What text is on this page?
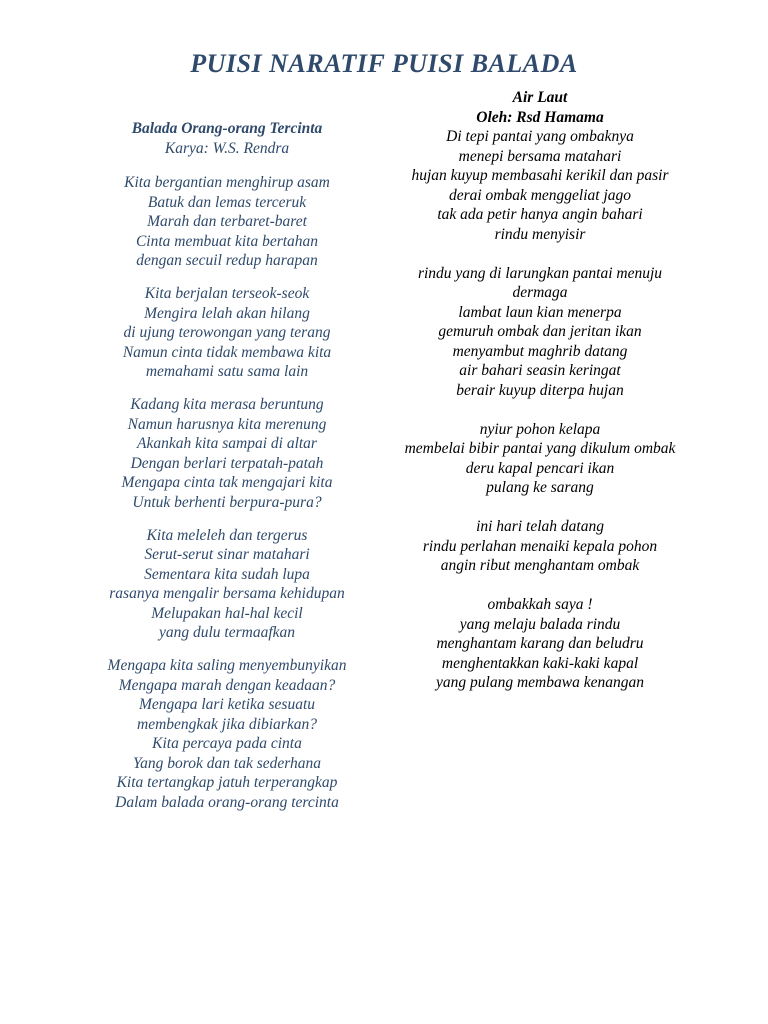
PUISI NARATIF PUISI BALADA
Balada Orang-orang Tercinta
Karya: W.S. Rendra
Kita bergantian menghirup asam
Batuk dan lemas terceruk
Marah dan terbaret-baret
Cinta membuat kita bertahan
dengan secuil redup harapan
Kita berjalan terseok-seok
Mengira lelah akan hilang
di ujung terowongan yang terang
Namun cinta tidak membawa kita
memahami satu sama lain
Kadang kita merasa beruntung
Namun harusnya kita merenung
Akankah kita sampai di altar
Dengan berlari terpatah-patah
Mengapa cinta tak mengajari kita
Untuk berhenti berpura-pura?
Kita meleleh dan tergerus
Serut-serut sinar matahari
Sementara kita sudah lupa
rasanya mengalir bersama kehidupan
Melupakan hal-hal kecil
yang dulu termaafkan
Mengapa kita saling menyembunyikan
Mengapa marah dengan keadaan?
Mengapa lari ketika sesuatu
membengkak jika dibiarkan?
Kita percaya pada cinta
Yang borok dan tak sederhana
Kita tertangkap jatuh terperangkap
Dalam balada orang-orang tercinta
Air Laut
Oleh: Rsd Hamama
Di tepi pantai yang ombaknya
menepi bersama matahari
hujan kuyup membasahi kerikil dan pasir
derai ombak menggeliat jago
tak ada petir hanya angin bahari
rindu menyisir
rindu yang di larungkan pantai menuju dermaga
lambat laun kian menerpa
gemuruh ombak dan jeritan ikan
menyambut maghrib datang
air bahari seasin keringat
berair kuyup diterpa hujan
nyiur pohon kelapa
membelai bibir pantai yang dikulum ombak
deru kapal pencari ikan
pulang ke sarang
ini hari telah datang
rindu perlahan menaiki kepala pohon
angin ribut menghantam ombak
ombakkah saya !
yang melaju balada rindu
menghantam karang dan beludru
menghentakkan kaki-kaki kapal
yang pulang membawa kenangan
